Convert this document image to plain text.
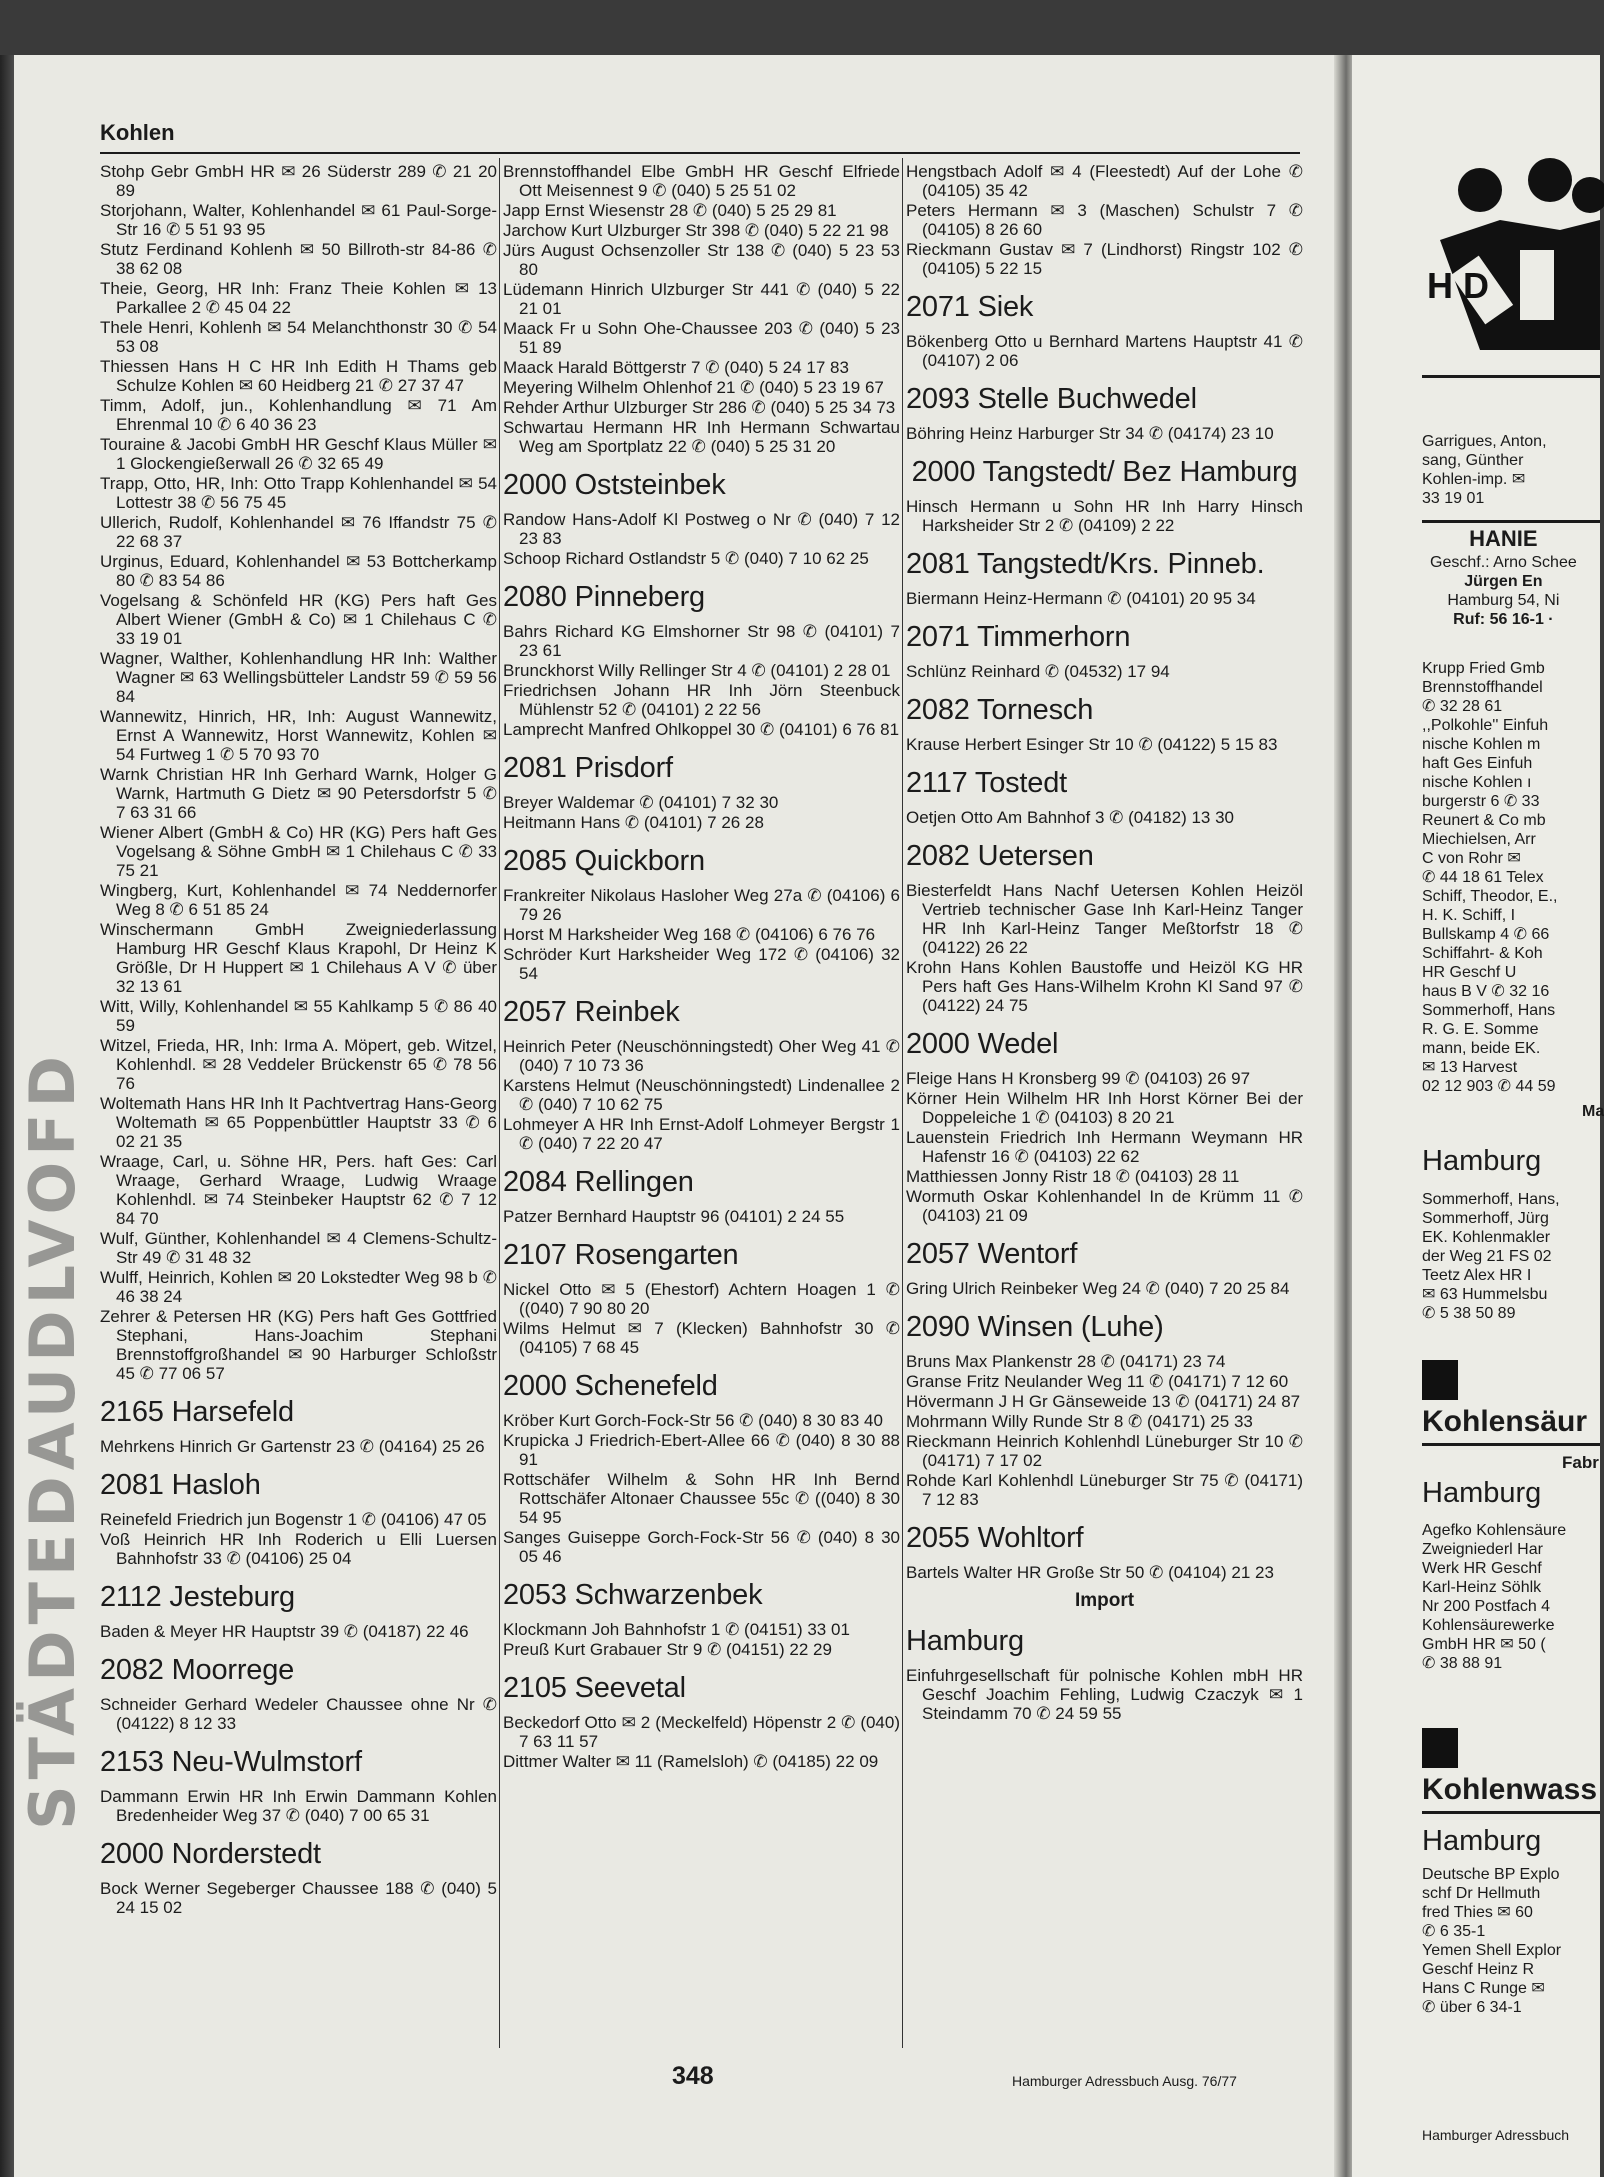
STÄDTEDAUDLVOFD
Kohlen
Stohp Gebr GmbH HR ✉ 26 Süderstr 289 ✆ 21 20 89
Storjohann, Walter, Kohlenhandel ✉ 61 Paul-Sorge-Str 16 ✆ 5 51 93 95
Stutz Ferdinand Kohlenh ✉ 50 Billroth-str 84-86 ✆ 38 62 08
Theie, Georg, HR Inh: Franz Theie Kohlen ✉ 13 Parkallee 2 ✆ 45 04 22
Thele Henri, Kohlenh ✉ 54 Melanchthonstr 30 ✆ 54 53 08
Thiessen Hans H C HR Inh Edith H Thams geb Schulze Kohlen ✉ 60 Heidberg 21 ✆ 27 37 47
Timm, Adolf, jun., Kohlenhandlung ✉ 71 Am Ehrenmal 10 ✆ 6 40 36 23
Touraine & Jacobi GmbH HR Geschf Klaus Müller ✉ 1 Glockengießerwall 26 ✆ 32 65 49
Trapp, Otto, HR, Inh: Otto Trapp Kohlenhandel ✉ 54 Lottestr 38 ✆ 56 75 45
Ullerich, Rudolf, Kohlenhandel ✉ 76 Iffandstr 75 ✆ 22 68 37
Urginus, Eduard, Kohlenhandel ✉ 53 Bottcherkamp 80 ✆ 83 54 86
Vogelsang & Schönfeld HR (KG) Pers haft Ges Albert Wiener (GmbH & Co) ✉ 1 Chilehaus C ✆ 33 19 01
Wagner, Walther, Kohlenhandlung HR Inh: Walther Wagner ✉ 63 Wellingsbütteler Landstr 59 ✆ 59 56 84
Wannewitz, Hinrich, HR, Inh: August Wannewitz, Ernst A Wannewitz, Horst Wannewitz, Kohlen ✉ 54 Furtweg 1 ✆ 5 70 93 70
Warnk Christian HR Inh Gerhard Warnk, Holger G Warnk, Hartmuth G Dietz ✉ 90 Petersdorfstr 5 ✆ 7 63 31 66
Wiener Albert (GmbH & Co) HR (KG) Pers haft Ges Vogelsang & Söhne GmbH ✉ 1 Chilehaus C ✆ 33 75 21
Wingberg, Kurt, Kohlenhandel ✉ 74 Neddernorfer Weg 8 ✆ 6 51 85 24
Winschermann GmbH Zweigniederlassung Hamburg HR Geschf Klaus Krapohl, Dr Heinz K Größle, Dr H Huppert ✉ 1 Chilehaus A V ✆ über 32 13 61
Witt, Willy, Kohlenhandel ✉ 55 Kahlkamp 5 ✆ 86 40 59
Witzel, Frieda, HR, Inh: Irma A. Möpert, geb. Witzel, Kohlenhdl. ✉ 28 Veddeler Brückenstr 65 ✆ 78 56 76
Woltemath Hans HR Inh It Pachtvertrag Hans-Georg Woltemath ✉ 65 Poppenbüttler Hauptstr 33 ✆ 6 02 21 35
Wraage, Carl, u. Söhne HR, Pers. haft Ges: Carl Wraage, Gerhard Wraage, Ludwig Wraage Kohlenhdl. ✉ 74 Steinbeker Hauptstr 62 ✆ 7 12 84 70
Wulf, Günther, Kohlenhandel ✉ 4 Clemens-Schultz-Str 49 ✆ 31 48 32
Wulff, Heinrich, Kohlen ✉ 20 Lokstedter Weg 98 b ✆ 46 38 24
Zehrer & Petersen HR (KG) Pers haft Ges Gottfried Stephani, Hans-Joachim Stephani Brennstoffgroßhandel ✉ 90 Harburger Schloßstr 45 ✆ 77 06 57
2165 Harsefeld
Mehrkens Hinrich Gr Gartenstr 23 ✆ (04164) 25 26
2081 Hasloh
Reinefeld Friedrich jun Bogenstr 1 ✆ (04106) 47 05
Voß Heinrich HR Inh Roderich u Elli Luersen Bahnhofstr 33 ✆ (04106) 25 04
2112 Jesteburg
Baden & Meyer HR Hauptstr 39 ✆ (04187) 22 46
2082 Moorrege
Schneider Gerhard Wedeler Chaussee ohne Nr ✆ (04122) 8 12 33
2153 Neu-Wulmstorf
Dammann Erwin HR Inh Erwin Dammann Kohlen Bredenheider Weg 37 ✆ (040) 7 00 65 31
2000 Norderstedt
Bock Werner Segeberger Chaussee 188 ✆ (040) 5 24 15 02
Brennstoffhandel Elbe GmbH HR Geschf Elfriede Ott Meisennest 9 ✆ (040) 5 25 51 02
Japp Ernst Wiesenstr 28 ✆ (040) 5 25 29 81
Jarchow Kurt Ulzburger Str 398 ✆ (040) 5 22 21 98
Jürs August Ochsenzoller Str 138 ✆ (040) 5 23 53 80
Lüdemann Hinrich Ulzburger Str 441 ✆ (040) 5 22 21 01
Maack Fr u Sohn Ohe-Chaussee 203 ✆ (040) 5 23 51 89
Maack Harald Böttgerstr 7 ✆ (040) 5 24 17 83
Meyering Wilhelm Ohlenhof 21 ✆ (040) 5 23 19 67
Rehder Arthur Ulzburger Str 286 ✆ (040) 5 25 34 73
Schwartau Hermann HR Inh Hermann Schwartau Weg am Sportplatz 22 ✆ (040) 5 25 31 20
2000 Oststeinbek
Randow Hans-Adolf Kl Postweg o Nr ✆ (040) 7 12 23 83
Schoop Richard Ostlandstr 5 ✆ (040) 7 10 62 25
2080 Pinneberg
Bahrs Richard KG Elmshorner Str 98 ✆ (04101) 7 23 61
Brunckhorst Willy Rellinger Str 4 ✆ (04101) 2 28 01
Friedrichsen Johann HR Inh Jörn Steenbuck Mühlenstr 52 ✆ (04101) 2 22 56
Lamprecht Manfred Ohlkoppel 30 ✆ (04101) 6 76 81
2081 Prisdorf
Breyer Waldemar ✆ (04101) 7 32 30
Heitmann Hans ✆ (04101) 7 26 28
2085 Quickborn
Frankreiter Nikolaus Hasloher Weg 27a ✆ (04106) 6 79 26
Horst M Harksheider Weg 168 ✆ (04106) 6 76 76
Schröder Kurt Harksheider Weg 172 ✆ (04106) 32 54
2057 Reinbek
Heinrich Peter (Neuschönningstedt) Oher Weg 41 ✆ (040) 7 10 73 36
Karstens Helmut (Neuschönningstedt) Lindenallee 2 ✆ (040) 7 10 62 75
Lohmeyer A HR Inh Ernst-Adolf Lohmeyer Bergstr 1 ✆ (040) 7 22 20 47
2084 Rellingen
Patzer Bernhard Hauptstr 96 (04101) 2 24 55
2107 Rosengarten
Nickel Otto ✉ 5 (Ehestorf) Achtern Hoagen 1 ✆ ((040) 7 90 80 20
Wilms Helmut ✉ 7 (Klecken) Bahnhofstr 30 ✆ (04105) 7 68 45
2000 Schenefeld
Kröber Kurt Gorch-Fock-Str 56 ✆ (040) 8 30 83 40
Krupicka J Friedrich-Ebert-Allee 66 ✆ (040) 8 30 88 91
Rottschäfer Wilhelm & Sohn HR Inh Bernd Rottschäfer Altonaer Chaussee 55c ✆ ((040) 8 30 54 95
Sanges Guiseppe Gorch-Fock-Str 56 ✆ (040) 8 30 05 46
2053 Schwarzenbek
Klockmann Joh Bahnhofstr 1 ✆ (04151) 33 01
Preuß Kurt Grabauer Str 9 ✆ (04151) 22 29
2105 Seevetal
Beckedorf Otto ✉ 2 (Meckelfeld) Höpenstr 2 ✆ (040) 7 63 11 57
Dittmer Walter ✉ 11 (Ramelsloh) ✆ (04185) 22 09
Hengstbach Adolf ✉ 4 (Fleestedt) Auf der Lohe ✆ (04105) 35 42
Peters Hermann ✉ 3 (Maschen) Schulstr 7 ✆ (04105) 8 26 60
Rieckmann Gustav ✉ 7 (Lindhorst) Ringstr 102 ✆ (04105) 5 22 15
2071 Siek
Bökenberg Otto u Bernhard Martens Hauptstr 41 ✆ (04107) 2 06
2093 Stelle Buchwedel
Böhring Heinz Harburger Str 34 ✆ (04174) 23 10
2000 Tangstedt/ Bez Hamburg
Hinsch Hermann u Sohn HR Inh Harry Hinsch Harksheider Str 2 ✆ (04109) 2 22
2081 Tangstedt/Krs. Pinneb.
Biermann Heinz-Hermann ✆ (04101) 20 95 34
2071 Timmerhorn
Schlünz Reinhard ✆ (04532) 17 94
2082 Tornesch
Krause Herbert Esinger Str 10 ✆ (04122) 5 15 83
2117 Tostedt
Oetjen Otto Am Bahnhof 3 ✆ (04182) 13 30
2082 Uetersen
Biesterfeldt Hans Nachf Uetersen Kohlen Heizöl Vertrieb technischer Gase Inh Karl-Heinz Tanger HR Inh Karl-Heinz Tanger Meßtorfstr 18 ✆ (04122) 26 22
Krohn Hans Kohlen Baustoffe und Heizöl KG HR Pers haft Ges Hans-Wilhelm Krohn Kl Sand 97 ✆ (04122) 24 75
2000 Wedel
Fleige Hans H Kronsberg 99 ✆ (04103) 26 97
Körner Hein Wilhelm HR Inh Horst Körner Bei der Doppeleiche 1 ✆ (04103) 8 20 21
Lauenstein Friedrich Inh Hermann Weymann HR Hafenstr 16 ✆ (04103) 22 62
Matthiessen Jonny Ristr 18 ✆ (04103) 28 11
Wormuth Oskar Kohlenhandel In de Krümm 11 ✆ (04103) 21 09
2057 Wentorf
Gring Ulrich Reinbeker Weg 24 ✆ (040) 7 20 25 84
2090 Winsen (Luhe)
Bruns Max Plankenstr 28 ✆ (04171) 23 74
Granse Fritz Neulander Weg 11 ✆ (04171) 7 12 60
Hövermann J H Gr Gänseweide 13 ✆ (04171) 24 87
Mohrmann Willy Runde Str 8 ✆ (04171) 25 33
Rieckmann Heinrich Kohlenhdl Lüneburger Str 10 ✆ (04171) 7 17 02
Rohde Karl Kohlenhdl Lüneburger Str 75 ✆ (04171) 7 12 83
2055 Wohltorf
Bartels Walter HR Große Str 50 ✆ (04104) 21 23
Import
Hamburg
Einfuhrgesellschaft für polnische Kohlen mbH HR Geschf Joachim Fehling, Ludwig Czaczyk ✉ 1 Steindamm 70 ✆ 24 59 55
348	Hamburger Adressbuch Ausg. 76/77
H D
Garrigues, Anton,
sang, Günther
Kohlen-imp. ✉
33 19 01
HANIE
Geschf.: Arno Schee
Jürgen En
Hamburg 54, Ni
Ruf: 56 16-1 ·
Krupp Fried Gmb
Brennstoffhandel
✆ 32 28 61
,,Polkohle'' Einfuh
nische Kohlen m
haft Ges Einfuh
nische Kohlen ı
burgerstr 6 ✆ 33
Reunert & Co mb
Miechielsen, Arr
C von Rohr ✉
✆ 44 18 61 Telex
Schiff, Theodor, E.,
H. K. Schiff, I
Bullskamp 4 ✆ 66
Schiffahrt- & Koh
HR Geschf U
haus B V ✆ 32 16
Sommerhoff, Hans
R. G. E. Somme
mann, beide EK.
✉ 13 Harvest
02 12 903 ✆ 44 59
Ma
Hamburg
Sommerhoff, Hans,
Sommerhoff, Jürg
EK. Kohlenmakler
der Weg 21 FS 02
Teetz Alex HR I
✉ 63 Hummelsbu
✆ 5 38 50 89
Kohlensäur
Fabr
Hamburg
Agefko Kohlensäure
Zweigniederl Har
Werk HR Geschf
Karl-Heinz Söhlk
Nr 200 Postfach 4
Kohlensäurewerke
GmbH HR ✉ 50 (
✆ 38 88 91
Kohlenwass
Hamburg
Deutsche BP Explo
schf Dr Hellmuth
fred Thies ✉ 60
✆ 6 35-1
Yemen Shell Explor
Geschf Heinz R
Hans C Runge ✉
✆ über 6 34-1
Hamburger Adressbuch
